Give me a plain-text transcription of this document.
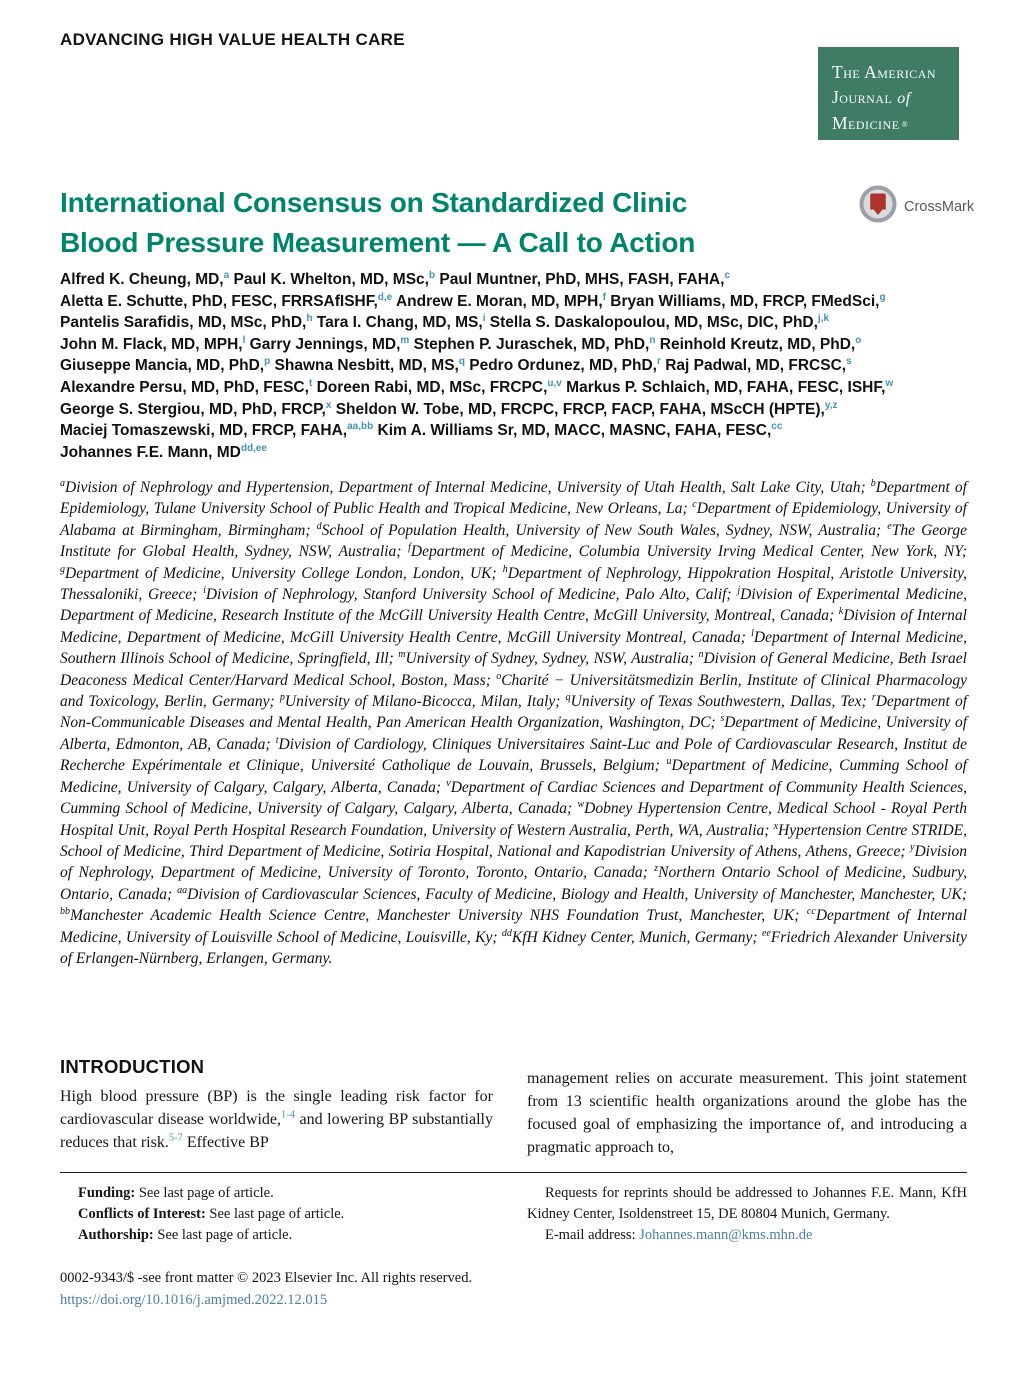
ADVANCING HIGH VALUE HEALTH CARE
The American
Journal of
Medicine ®
International Consensus on Standardized Clinic
Blood Pressure Measurement — A Call to Action
CrossMark
Alfred K. Cheung, MD,$^a$ Paul K. Whelton, MD, MSc,$^b$ Paul Muntner, PhD, MHS, FASH, FAHA,$^c$
Aletta E. Schutte, PhD, FESC, FRRSAfISHF,$^{d,e}$ Andrew E. Moran, MD, MPH,$^f$ Bryan Williams, MD, FRCP, FMedSci,$^g$
Pantelis Sarafidis, MD, MSc, PhD,$^h$ Tara I. Chang, MD, MS,$^i$ Stella S. Daskalopoulou, MD, MSc, DIC, PhD,$^{j,k}$
John M. Flack, MD, MPH,$^l$ Garry Jennings, MD,$^m$ Stephen P. Juraschek, MD, PhD,$^n$ Reinhold Kreutz, MD, PhD,$^o$
Giuseppe Mancia, MD, PhD,$^p$ Shawna Nesbitt, MD, MS,$^q$ Pedro Ordunez, MD, PhD,$^r$ Raj Padwal, MD, FRCSC,$^s$
Alexandre Persu, MD, PhD, FESC,$^t$ Doreen Rabi, MD, MSc, FRCPC,$^{u,v}$ Markus P. Schlaich, MD, FAHA, FESC, ISHF,$^w$
George S. Stergiou, MD, PhD, FRCP,$^x$ Sheldon W. Tobe, MD, FRCPC, FRCP, FACP, FAHA, MScCH (HPTE),$^{y,z}$
Maciej Tomaszewski, MD, FRCP, FAHA,$^{aa,bb}$ Kim A. Williams Sr, MD, MACC, MASNC, FAHA, FESC,$^{cc}$
Johannes F.E. Mann, $MD^{dd,ee}$

$^a$Division of Nephrology and Hypertension, Department of Internal Medicine, University of Utah Health, Salt Lake City, Utah; $^b$Department of Epidemiology, Tulane University School of Public Health and Tropical Medicine, New Orleans, La; $^c$Department of Epidemiology, University of Alabama at Birmingham, Birmingham; $^d$School of Population Health, University of New South Wales, Sydney, NSW, Australia; $^e$The George Institute for Global Health, Sydney, NSW, Australia; $^f$Department of Medicine, Columbia University Irving Medical Center, New York, NY; $^g$Department of Medicine, University College London, London, UK; $^h$Department of Nephrology, Hippokration Hospital, Aristotle University, Thessaloniki, Greece; $^i$Division of Nephrology, Stanford University School of Medicine, Palo Alto, Calif; $^j$Division of Experimental Medicine, Department of Medicine, Research Institute of the McGill University Health Centre, McGill University, Montreal, Canada; $^k$Division of Internal Medicine, Department of Medicine, McGill University Health Centre, McGill University Montreal, Canada; $^l$Department of Internal Medicine, Southern Illinois School of Medicine, Springfield, Ill; $^m$University of Sydney, Sydney, NSW, Australia; $^n$Division of General Medicine, Beth Israel Deaconess Medical Center/Harvard Medical School, Boston, Mass; $^o$Charité − Universitätsmedizin Berlin, Institute of Clinical Pharmacology and Toxicology, Berlin, Germany; $^p$University of Milano-Bicocca, Milan, Italy; $^q$University of Texas Southwestern, Dallas, Tex; $^r$Department of Non-Communicable Diseases and Mental Health, Pan American Health Organization, Washington, DC; $^s$Department of Medicine, University of Alberta, Edmonton, AB, Canada; $^t$Division of Cardiology, Cliniques Universitaires Saint-Luc and Pole of Cardiovascular Research, Institut de Recherche Expérimentale et Clinique, Université Catholique de Louvain, Brussels, Belgium; $^u$Department of Medicine, Cumming School of Medicine, University of Calgary, Calgary, Alberta, Canada; $^v$Department of Cardiac Sciences and Department of Community Health Sciences, Cumming School of Medicine, University of Calgary, Calgary, Alberta, Canada; $^w$Dobney Hypertension Centre, Medical School - Royal Perth Hospital Unit, Royal Perth Hospital Research Foundation, University of Western Australia, Perth, WA, Australia; $^x$Hypertension Centre STRIDE, School of Medicine, Third Department of Medicine, Sotiria Hospital, National and Kapodistrian University of Athens, Athens, Greece; $^y$Division of Nephrology, Department of Medicine, University of Toronto, Toronto, Ontario, Canada; $^z$Northern Ontario School of Medicine, Sudbury, Ontario, Canada; $^{aa}$Division of Cardiovascular Sciences, Faculty of Medicine, Biology and Health, University of Manchester, Manchester, UK; $^{bb}$Manchester Academic Health Science Centre, Manchester University NHS Foundation Trust, Manchester, UK; $^{cc}$Department of Internal Medicine, University of Louisville School of Medicine, Louisville, Ky; $^{dd}$KfH Kidney Center, Munich, Germany; $^{ee}$Friedrich Alexander University of Erlangen-Nürnberg, Erlangen, Germany.

INTRODUCTION

High blood pressure (BP) is the single leading risk factor for cardiovascular disease worldwide,$^{1-4}$ and lowering BP substantially reduces that risk.$^{5-7}$ Effective BP

management relies on accurate measurement. This joint statement from 13 scientific health organizations around the globe has the focused goal of emphasizing the importance of, and introducing a pragmatic approach to,

Funding: See last page of article.
Conflicts of Interest: See last page of article.
Authorship: See last page of article.

Requests for reprints should be addressed to Johannes F.E. Mann, KfH Kidney Center, Isoldenstreet 15, DE 80804 Munich, Germany.

E-mail address: Johannes.mann@kms.mhn.de

0002-9343/$ -see front matter © 2023 Elsevier Inc. All rights reserved.
https://doi.org/10.1016/j.amjmed.2022.12.015
